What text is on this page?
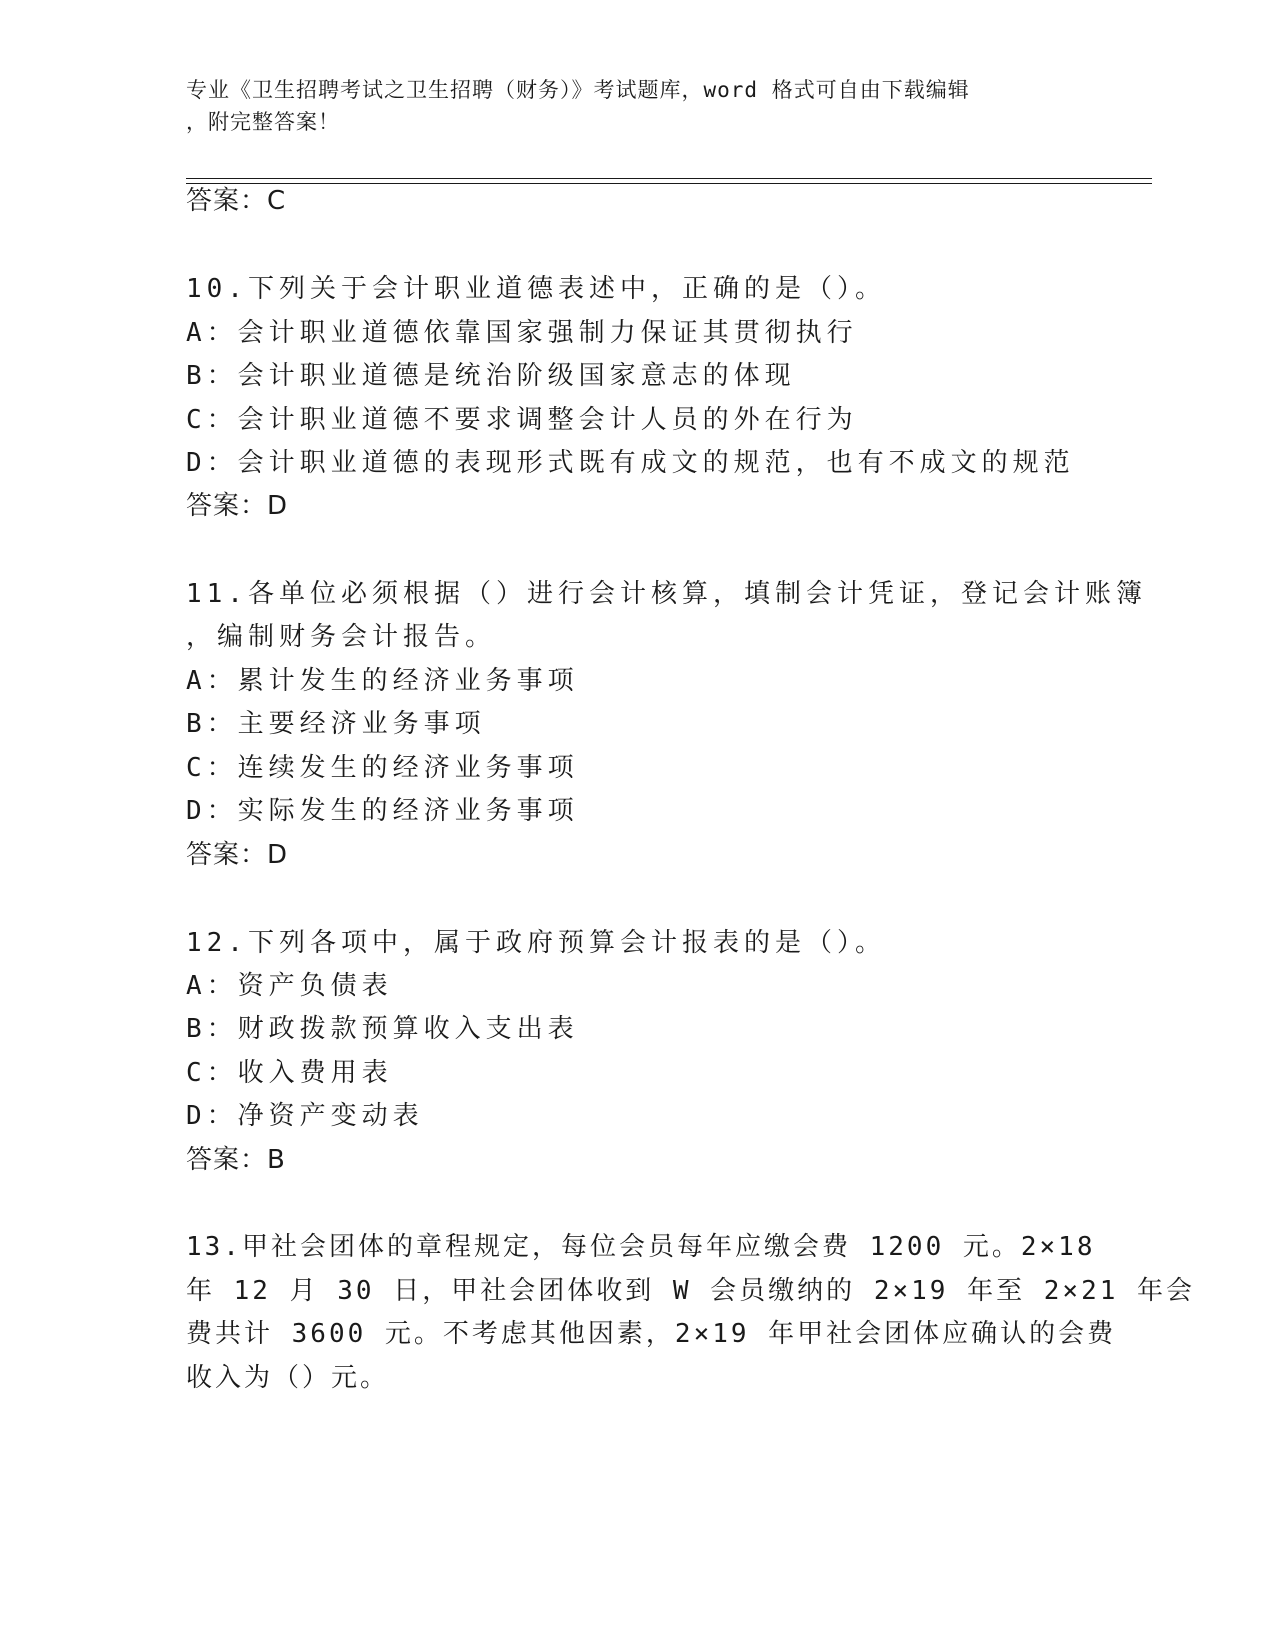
专业《卫生招聘考试之卫生招聘（财务）》考试题库，word 格式可自由下载编辑
，附完整答案！
答案：C
10.下列关于会计职业道德表述中，正确的是（）。
A：会计职业道德依靠国家强制力保证其贯彻执行
B：会计职业道德是统治阶级国家意志的体现
C：会计职业道德不要求调整会计人员的外在行为
D：会计职业道德的表现形式既有成文的规范，也有不成文的规范
答案：D
11.各单位必须根据（）进行会计核算，填制会计凭证，登记会计账簿
，编制财务会计报告。
A：累计发生的经济业务事项
B：主要经济业务事项
C：连续发生的经济业务事项
D：实际发生的经济业务事项
答案：D
12.下列各项中，属于政府预算会计报表的是（）。
A：资产负债表
B：财政拨款预算收入支出表
C：收入费用表
D：净资产变动表
答案：B
13.甲社会团体的章程规定，每位会员每年应缴会费 1200 元。2×18
年 12 月 30 日，甲社会团体收到 W 会员缴纳的 2×19 年至 2×21 年会
费共计 3600 元。不考虑其他因素，2×19 年甲社会团体应确认的会费
收入为（）元。
